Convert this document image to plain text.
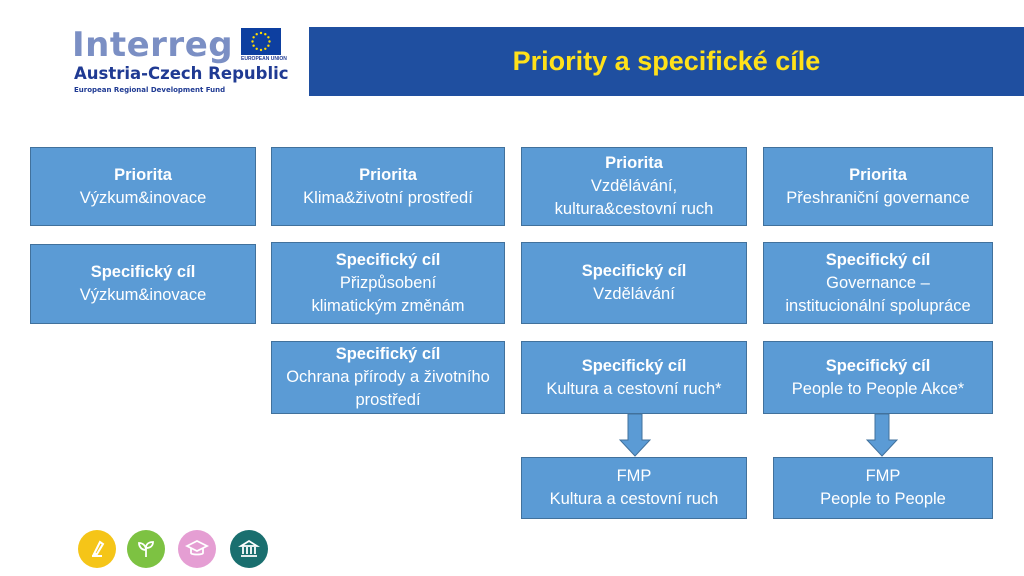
Interreg EUROPEAN UNION
Austria-Czech Republic
European Regional Development Fund
Priority a specifické cíle
Priorita
Výzkum&inovace
Priorita
Klima&životní prostředí
Priorita
Vzdělávání, kultura&cestovní ruch
Priorita
Přeshraniční governance
Specifický cíl
Výzkum&inovace
Specifický cíl
Přizpůsobení klimatickým změnám
Specifický cíl
Vzdělávání
Specifický cíl
Governance – institucionální spolupráce
Specifický cíl
Ochrana přírody a životního prostředí
Specifický cíl
Kultura a cestovní ruch*
Specifický cíl
People to People Akce*
FMP
Kultura a cestovní ruch
FMP
People to People
